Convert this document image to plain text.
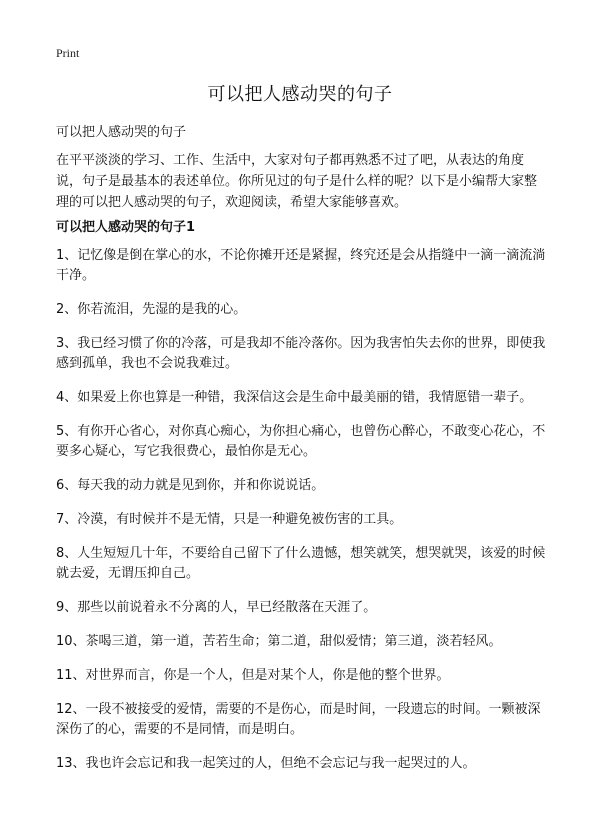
Print
可以把人感动哭的句子
可以把人感动哭的句子

在平平淡淡的学习、工作、生活中，大家对句子都再熟悉不过了吧，从表达的角度说，句子是最基本的表述单位。你所见过的句子是什么样的呢？以下是小编帮大家整理的可以把人感动哭的句子，欢迎阅读，希望大家能够喜欢。

可以把人感动哭的句子1
1、记忆像是倒在掌心的水，不论你摊开还是紧握，终究还是会从指缝中一滴一滴流淌干净。
2、你若流泪，先湿的是我的心。
3、我已经习惯了你的冷落，可是我却不能冷落你。因为我害怕失去你的世界，即使我感到孤单，我也不会说我难过。
4、如果爱上你也算是一种错，我深信这会是生命中最美丽的错，我情愿错一辈子。
5、有你开心省心，对你真心痴心，为你担心痛心，也曾伤心醉心，不敢变心花心，不要多心疑心，写它我很费心，最怕你是无心。
6、每天我的动力就是见到你，并和你说说话。
7、冷漠，有时候并不是无情，只是一种避免被伤害的工具。
8、人生短短几十年，不要给自己留下了什么遗憾，想笑就笑，想哭就哭，该爱的时候就去爱，无谓压抑自己。
9、那些以前说着永不分离的人，早已经散落在天涯了。
10、茶喝三道，第一道，苦若生命；第二道，甜似爱情；第三道，淡若轻风。
11、对世界而言，你是一个人，但是对某个人，你是他的整个世界。
12、一段不被接受的爱情，需要的不是伤心，而是时间，一段遗忘的时间。一颗被深深伤了的心，需要的不是同情，而是明白。
13、我也许会忘记和我一起笑过的人，但绝不会忘记与我一起哭过的人。
